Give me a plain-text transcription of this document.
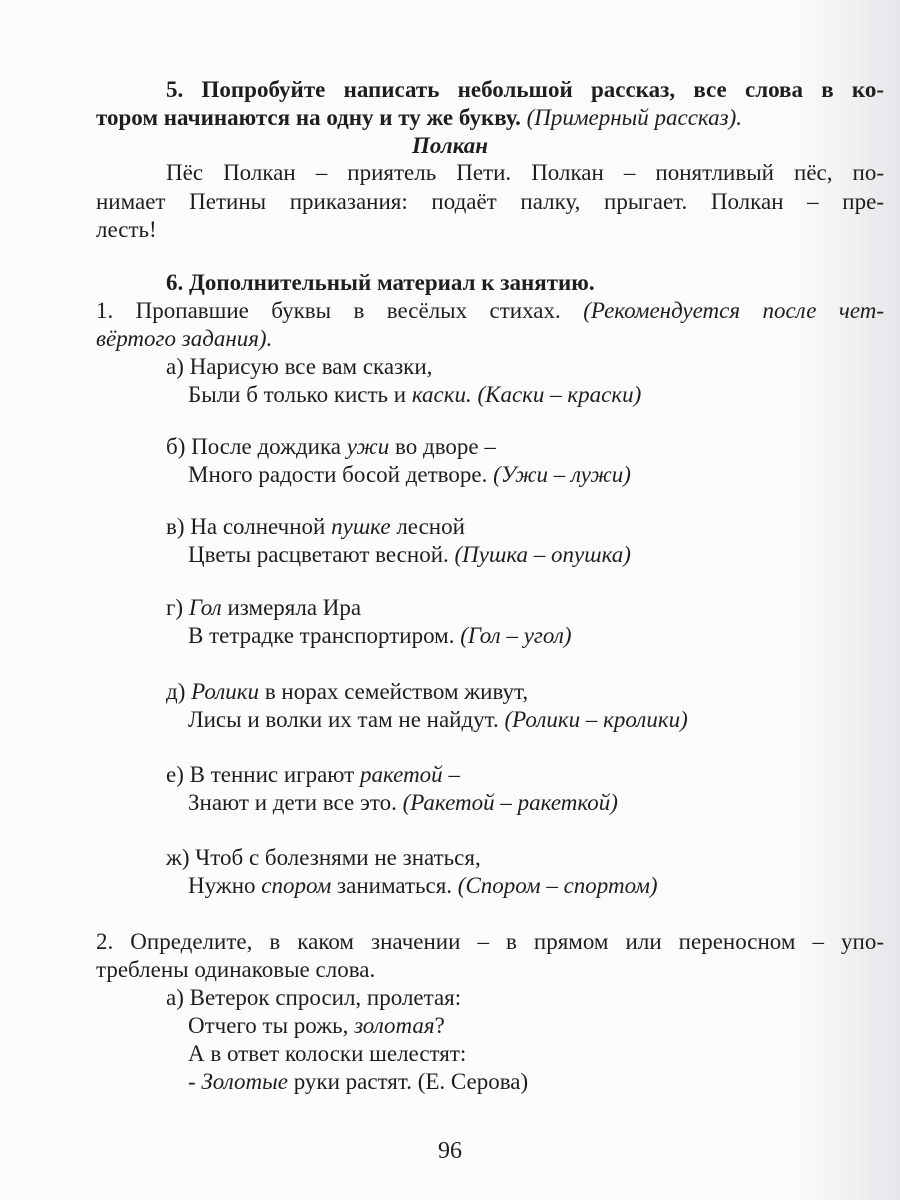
5. Попробуйте написать небольшой рассказ, все слова в ко-
тором начинаются на одну и ту же букву. (Примерный рассказ).
Полкан
Пёс Полкан – приятель Пети. Полкан – понятливый пёс, по-
нимает Петины приказания: подаёт палку, прыгает. Полкан – пре-
лесть!
6. Дополнительный материал к занятию.
1. Пропавшие буквы в весёлых стихах. (Рекомендуется после чет-
вёртого задания).
а) Нарисую все вам сказки,
Были б только кисть и каски. (Каски – краски)
б) После дождика ужи во дворе –
Много радости босой детворе. (Ужи – лужи)
в) На солнечной пушке лесной
Цветы расцветают весной. (Пушка – опушка)
г) Гол измеряла Ира
В тетрадке транспортиром. (Гол – угол)
д) Ролики в норах семейством живут,
Лисы и волки их там не найдут. (Ролики – кролики)
е) В теннис играют ракетой –
Знают и дети все это. (Ракетой – ракеткой)
ж) Чтоб с болезнями не знаться,
Нужно спором заниматься. (Спором – спортом)
2. Определите, в каком значении – в прямом или переносном – упо-
треблены одинаковые слова.
а) Ветерок спросил, пролетая:
Отчего ты рожь, золотая?
А в ответ колоски шелестят:
- Золотые руки растят. (Е. Серова)
96
